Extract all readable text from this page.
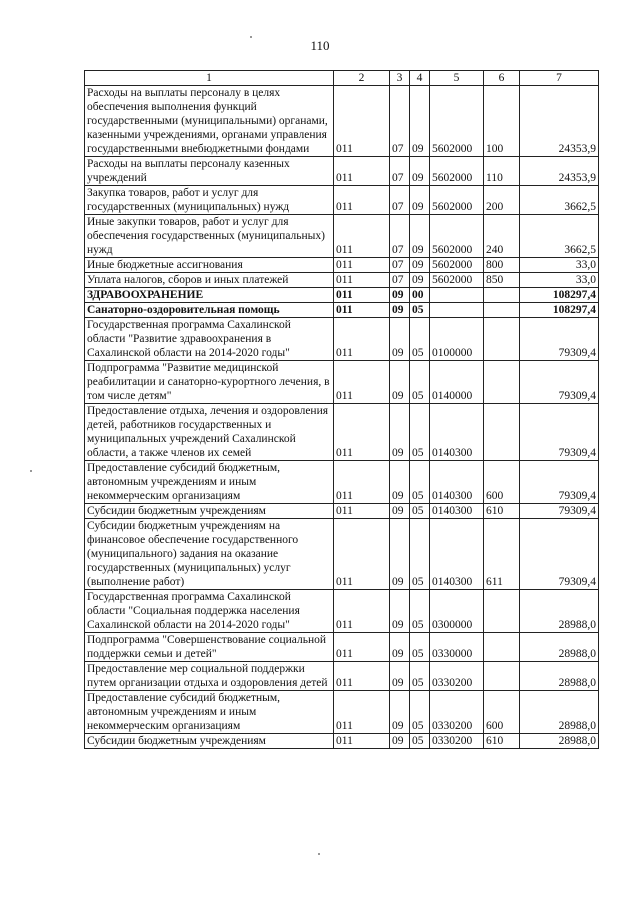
110
1	2	3	4	5	6	7
Расходы на выплаты персоналу в целях обеспечения выполнения функций государственными (муниципальными) органами, казенными учреждениями, органами управления государственными внебюджетными фондами	011	07	09	5602000	100	24353,9
Расходы на выплаты персоналу казенных учреждений	011	07	09	5602000	110	24353,9
Закупка товаров, работ и услуг для государственных (муниципальных) нужд	011	07	09	5602000	200	3662,5
Иные закупки товаров, работ и услуг для обеспечения государственных (муниципальных) нужд	011	07	09	5602000	240	3662,5
Иные бюджетные ассигнования	011	07	09	5602000	800	33,0
Уплата налогов, сборов и иных платежей	011	07	09	5602000	850	33,0
ЗДРАВООХРАНЕНИЕ	011	09	00			108297,4
Санаторно-оздоровительная помощь	011	09	05			108297,4
Государственная программа Сахалинской области "Развитие здравоохранения в Сахалинской области на 2014-2020 годы"	011	09	05	0100000		79309,4
Подпрограмма "Развитие медицинской реабилитации и санаторно-курортного лечения, в том числе детям"	011	09	05	0140000		79309,4
Предоставление отдыха, лечения и оздоровления детей, работников государственных и муниципальных учреждений Сахалинской области, а также членов их семей	011	09	05	0140300		79309,4
Предоставление субсидий бюджетным, автономным учреждениям и иным некоммерческим организациям	011	09	05	0140300	600	79309,4
Субсидии бюджетным учреждениям	011	09	05	0140300	610	79309,4
Субсидии бюджетным учреждениям на финансовое обеспечение государственного (муниципального) задания на оказание государственных (муниципальных) услуг (выполнение работ)	011	09	05	0140300	611	79309,4
Государственная программа Сахалинской области "Социальная поддержка населения Сахалинской области на 2014-2020 годы"	011	09	05	0300000		28988,0
Подпрограмма "Совершенствование социальной поддержки семьи и детей"	011	09	05	0330000		28988,0
Предоставление мер социальной поддержки путем организации отдыха и оздоровления детей	011	09	05	0330200		28988,0
Предоставление субсидий бюджетным, автономным учреждениям и иным некоммерческим организациям	011	09	05	0330200	600	28988,0
Субсидии бюджетным учреждениям	011	09	05	0330200	610	28988,0
